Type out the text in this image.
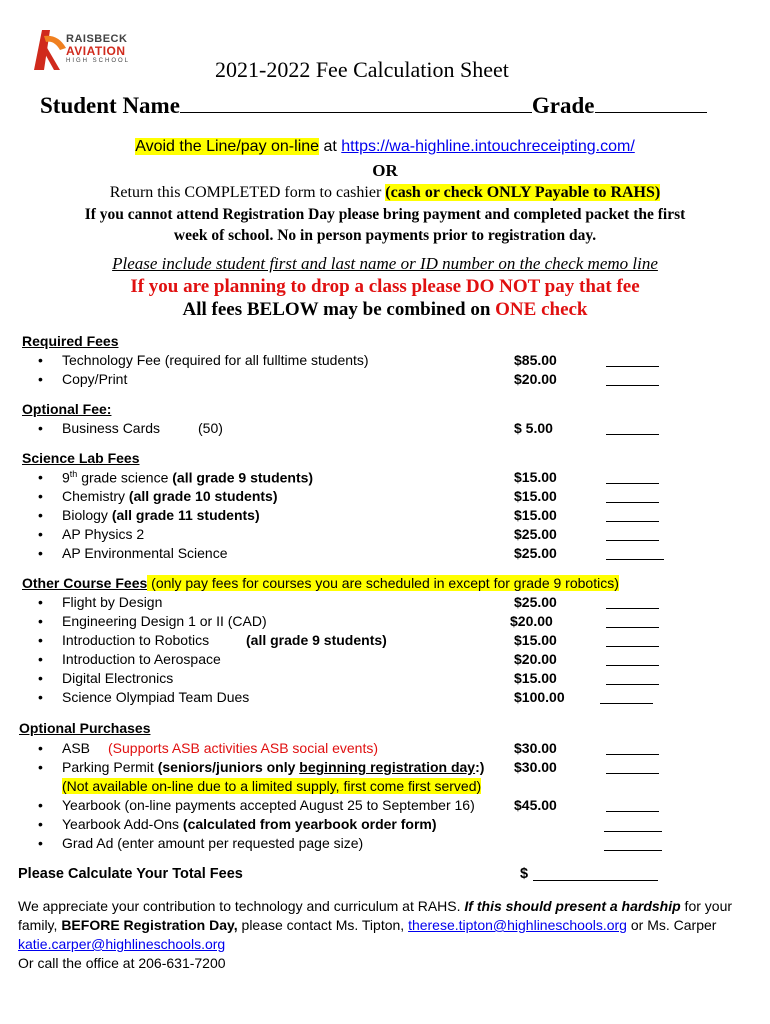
RAISBECK
AVIATION
HIGH SCHOOL	2021-2022 Fee Calculation Sheet
Student Name	Grade
Avoid the Line/pay on-line at https://wa-highline.intouchreceipting.com/
OR
Return this COMPLETED form to cashier (cash or check ONLY Payable to RAHS)
If you cannot attend Registration Day please bring payment and completed packet the first
week of school. No in person payments prior to registration day.
Please include student first and last name or ID number on the check memo line
If you are planning to drop a class please DO NOT pay that fee
All fees BELOW may be combined on ONE check
Required Fees
• Technology Fee (required for all fulltime students)	$85.00
• Copy/Print	$20.00
Optional Fee:
• Business Cards	(50)	$ 5.00
Science Lab Fees
• 9th grade science (all grade 9 students)	$15.00
• Chemistry (all grade 10 students)	$15.00
• Biology (all grade 11 students)	$15.00
• AP Physics 2	$25.00
• AP Environmental Science	$25.00
Other Course Fees (only pay fees for courses you are scheduled in except for grade 9 robotics)
• Flight by Design	$25.00
• Engineering Design 1 or II (CAD)	$20.00
• Introduction to Robotics	(all grade 9 students)	$15.00
• Introduction to Aerospace	$20.00
• Digital Electronics	$15.00
• Science Olympiad Team Dues	$100.00
Optional Purchases
• ASB (Supports ASB activities ASB social events)	$30.00
• Parking Permit (seniors/juniors only beginning registration day:) $30.00
(Not available on-line due to a limited supply, first come first served)
• Yearbook (on-line payments accepted August 25 to September 16)	$45.00
• Yearbook Add-Ons (calculated from yearbook order form)
• Grad Ad (enter amount per requested page size)
Please Calculate Your Total Fees	$
We appreciate your contribution to technology and curriculum at RAHS. If this should present a hardship for your
family, BEFORE Registration Day, please contact Ms. Tipton, therese.tipton@highlineschools.org or Ms. Carper
katie.carper@highlineschools.org
Or call the office at 206-631-7200
